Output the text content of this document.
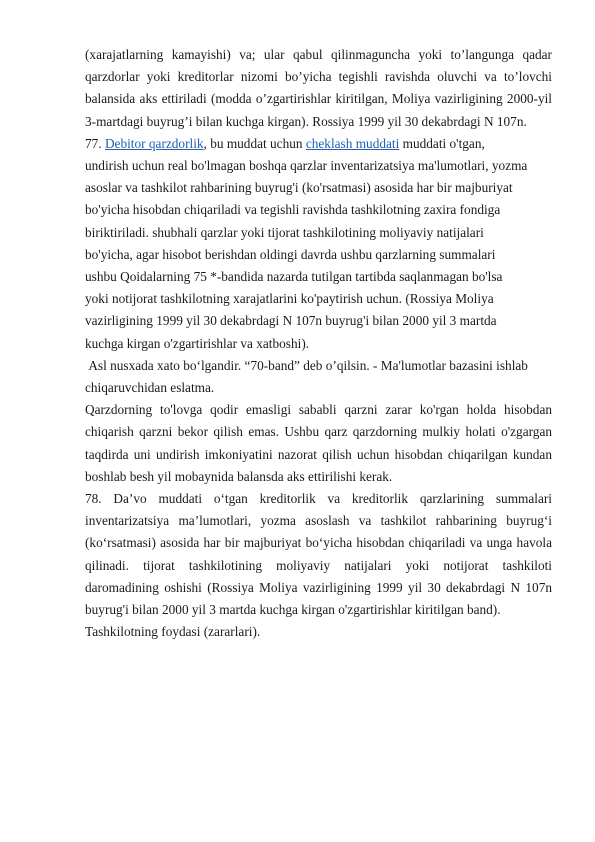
(xarajatlarning kamayishi) va; ular qabul qilinmaguncha yoki to’langunga qadar qarzdorlar yoki kreditorlar nizomi bo’yicha tegishli ravishda oluvchi va to’lovchi balansida aks ettiriladi (modda o’zgartirishlar kiritilgan, Moliya vazirligining 2000-yil 3-martdagi buyrug’i bilan kuchga kirgan). Rossiya 1999 yil 30 dekabrdagi N 107n.

77. Debitor qarzdorlik, bu muddat uchun cheklash muddati muddati o'tgan,
undirish uchun real bo'lmagan boshqa qarzlar inventarizatsiya ma'lumotlari, yozma
asoslar va tashkilot rahbarining buyrug'i (ko'rsatmasi) asosida har bir majburiyat
bo'yicha hisobdan chiqariladi va tegishli ravishda tashkilotning zaxira fondiga
biriktiriladi. shubhali qarzlar yoki tijorat tashkilotining moliyaviy natijalari
bo'yicha, agar hisobot berishdan oldingi davrda ushbu qarzlarning summalari
ushbu Qoidalarning 75 *-bandida nazarda tutilgan tartibda saqlanmagan bo'lsa
yoki notijorat tashkilotning xarajatlarini ko'paytirish uchun. (Rossiya Moliya
vazirligining 1999 yil 30 dekabrdagi N 107n buyrug'i bilan 2000 yil 3 martda
kuchga kirgan o'zgartirishlar va xatboshi).

Asl nusxada xato bo‘lgandir. “70-band” deb o’qilsin. - Ma'lumotlar bazasini ishlab chiqaruvchidan eslatma.

Qarzdorning to'lovga qodir emasligi sababli qarzni zarar ko'rgan holda hisobdan chiqarish qarzni bekor qilish emas. Ushbu qarz qarzdorning mulkiy holati o'zgargan taqdirda uni undirish imkoniyatini nazorat qilish uchun hisobdan chiqarilgan kundan boshlab besh yil mobaynida balansda aks ettirilishi kerak.

78. Da’vo muddati o‘tgan kreditorlik va kreditorlik qarzlarining summalari inventarizatsiya ma’lumotlari, yozma asoslash va tashkilot rahbarining buyrug‘i (ko‘rsatmasi) asosida har bir majburiyat bo‘yicha hisobdan chiqariladi va unga havola qilinadi. tijorat tashkilotining moliyaviy natijalari yoki notijorat tashkiloti daromadining oshishi (Rossiya Moliya vazirligining 1999 yil 30 dekabrdagi N 107n buyrug'i bilan 2000 yil 3 martda kuchga kirgan o'zgartirishlar kiritilgan band).

Tashkilotning foydasi (zararlari).
